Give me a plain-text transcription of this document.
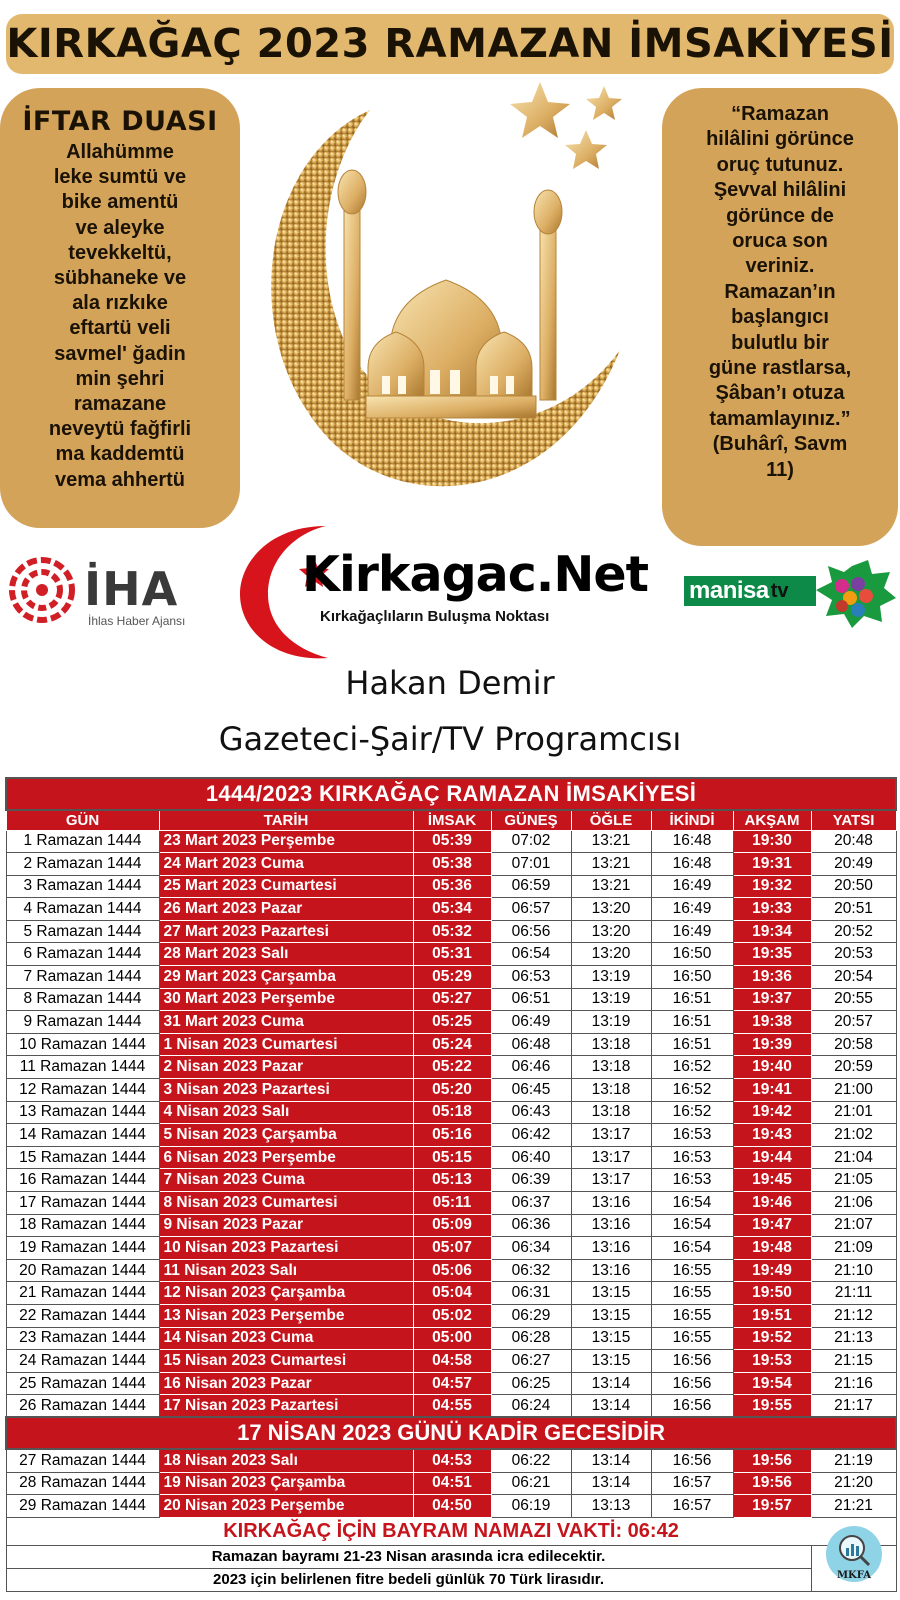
KIRKAĞAÇ 2023 RAMAZAN İMSAKİYESİ
İFTAR DUASI
Allahümme
leke sumtü ve
bike amentü
ve aleyke
tevekkeltü,
sübhaneke ve
ala rızkıke
eftartü veli
savmel' ğadin
min şehri
ramazane
neveytü fağfirli
ma kaddemtü
vema ahhertü
“Ramazan
hilâlini görünce
oruç tutunuz.
Şevval hilâlini
görünce de
oruca son
veriniz.
Ramazan’ın
başlangıcı
bulutlu bir
güne rastlarsa,
Şâban’ı otuza
tamamlayınız.”
(Buhârî, Savm
11)
İHA
İhlas Haber Ajansı
Kirkagac.Net
Kırkağaçlıların Buluşma Noktası
manisa tv
Hakan Demir
Gazeteci-Şair/TV Programcısı
1444/2023 KIRKAĞAÇ RAMAZAN İMSAKİYESİ							
GÜN	TARİH	İMSAK	GÜNEŞ	ÖĞLE	İKİNDİ	AKŞAM	YATSI
1 Ramazan 1444	23 Mart 2023 Perşembe	05:39	07:02	13:21	16:48	19:30	20:48
2 Ramazan 1444	24 Mart 2023 Cuma	05:38	07:01	13:21	16:48	19:31	20:49
3 Ramazan 1444	25 Mart 2023 Cumartesi	05:36	06:59	13:21	16:49	19:32	20:50
4 Ramazan 1444	26 Mart 2023 Pazar	05:34	06:57	13:20	16:49	19:33	20:51
5 Ramazan 1444	27 Mart 2023 Pazartesi	05:32	06:56	13:20	16:49	19:34	20:52
6 Ramazan 1444	28 Mart 2023 Salı	05:31	06:54	13:20	16:50	19:35	20:53
7 Ramazan 1444	29 Mart 2023 Çarşamba	05:29	06:53	13:19	16:50	19:36	20:54
8 Ramazan 1444	30 Mart 2023 Perşembe	05:27	06:51	13:19	16:51	19:37	20:55
9 Ramazan 1444	31 Mart 2023 Cuma	05:25	06:49	13:19	16:51	19:38	20:57
10 Ramazan 1444	1 Nisan 2023 Cumartesi	05:24	06:48	13:18	16:51	19:39	20:58
11 Ramazan 1444	2 Nisan 2023 Pazar	05:22	06:46	13:18	16:52	19:40	20:59
12 Ramazan 1444	3 Nisan 2023 Pazartesi	05:20	06:45	13:18	16:52	19:41	21:00
13 Ramazan 1444	4 Nisan 2023 Salı	05:18	06:43	13:18	16:52	19:42	21:01
14 Ramazan 1444	5 Nisan 2023 Çarşamba	05:16	06:42	13:17	16:53	19:43	21:02
15 Ramazan 1444	6 Nisan 2023 Perşembe	05:15	06:40	13:17	16:53	19:44	21:04
16 Ramazan 1444	7 Nisan 2023 Cuma	05:13	06:39	13:17	16:53	19:45	21:05
17 Ramazan 1444	8 Nisan 2023 Cumartesi	05:11	06:37	13:16	16:54	19:46	21:06
18 Ramazan 1444	9 Nisan 2023 Pazar	05:09	06:36	13:16	16:54	19:47	21:07
19 Ramazan 1444	10 Nisan 2023 Pazartesi	05:07	06:34	13:16	16:54	19:48	21:09
20 Ramazan 1444	11 Nisan 2023 Salı	05:06	06:32	13:16	16:55	19:49	21:10
21 Ramazan 1444	12 Nisan 2023 Çarşamba	05:04	06:31	13:15	16:55	19:50	21:11
22 Ramazan 1444	13 Nisan 2023 Perşembe	05:02	06:29	13:15	16:55	19:51	21:12
23 Ramazan 1444	14 Nisan 2023 Cuma	05:00	06:28	13:15	16:55	19:52	21:13
24 Ramazan 1444	15 Nisan 2023 Cumartesi	04:58	06:27	13:15	16:56	19:53	21:15
25 Ramazan 1444	16 Nisan 2023 Pazar	04:57	06:25	13:14	16:56	19:54	21:16
26 Ramazan 1444	17 Nisan 2023 Pazartesi	04:55	06:24	13:14	16:56	19:55	21:17
17 NİSAN 2023 GÜNÜ KADİR GECESİDİR							
27 Ramazan 1444	18 Nisan 2023 Salı	04:53	06:22	13:14	16:56	19:56	21:19
28 Ramazan 1444	19 Nisan 2023 Çarşamba	04:51	06:21	13:14	16:57	19:56	21:20
29 Ramazan 1444	20 Nisan 2023 Perşembe	04:50	06:19	13:13	16:57	19:57	21:21
KIRKAĞAÇ İÇİN BAYRAM NAMAZI VAKTİ: 06:42							
Ramazan bayramı 21-23 Nisan arasında icra edilecektir.							
2023 için belirlenen fitre bedeli günlük 70 Türk lirasıdır.								MKFA
